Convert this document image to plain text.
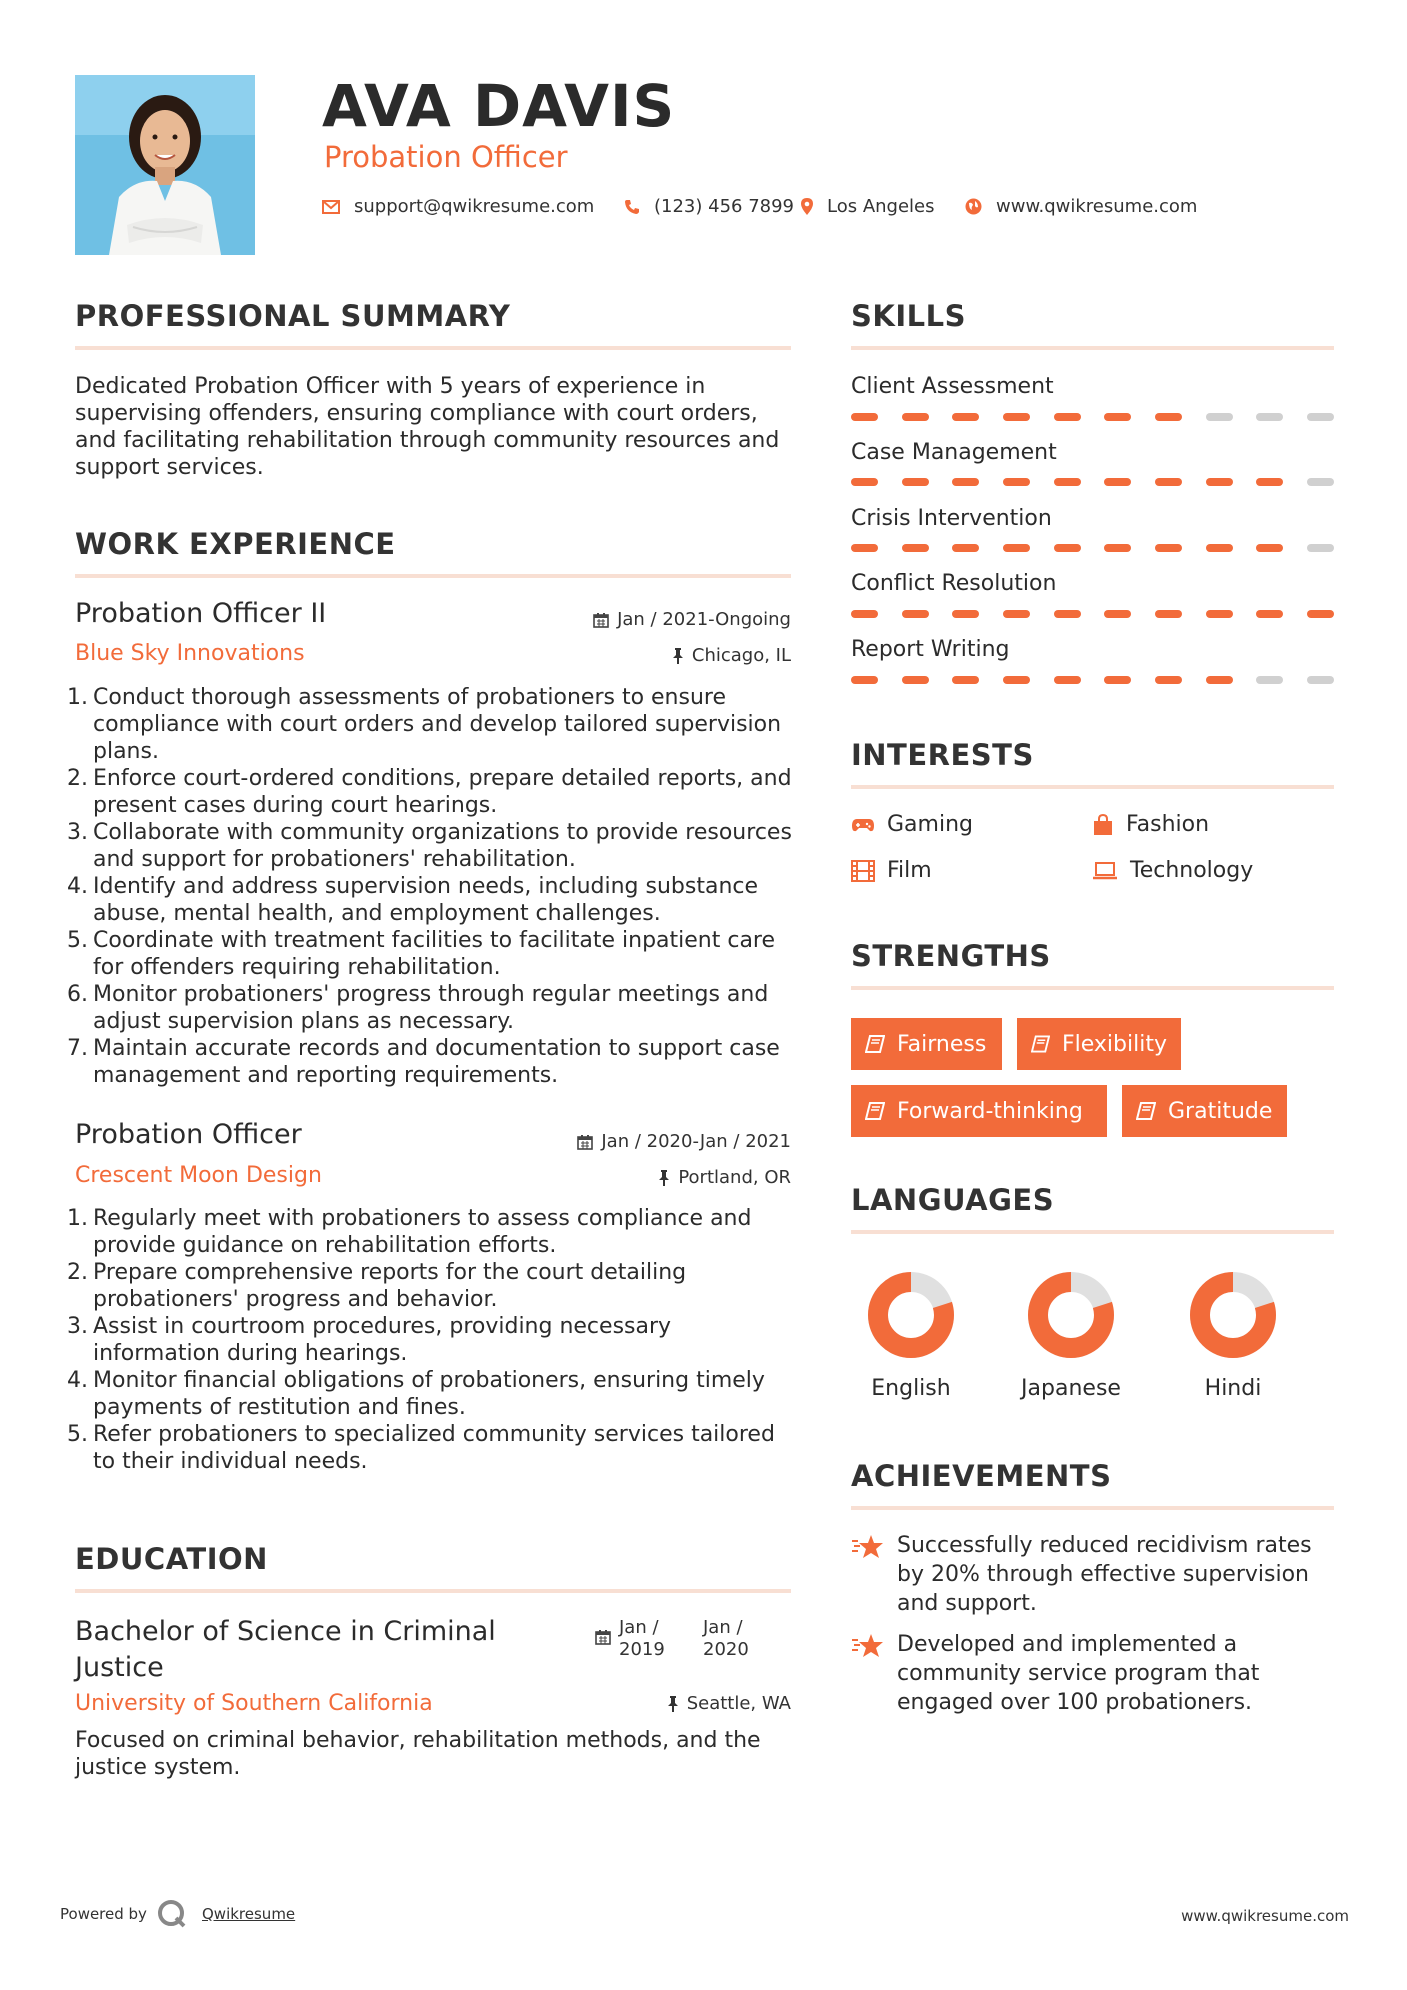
AVA DAVIS
Probation Officer
support@qwikresume.com	(123) 456 7899 Los Angeles	www.qwikresume.com
PROFESSIONAL SUMMARY
Dedicated Probation Officer with 5 years of experience in supervising offenders, ensuring compliance with court orders, and facilitating rehabilitation through community resources and support services.
WORK EXPERIENCE
Probation Officer II
Blue Sky Innovations
Jan / 2021-Ongoing
Chicago, IL
1. Conduct thorough assessments of probationers to ensure compliance with court orders and develop tailored supervision plans.
2. Enforce court-ordered conditions, prepare detailed reports, and present cases during court hearings.
3. Collaborate with community organizations to provide resources and support for probationers' rehabilitation.
4. Identify and address supervision needs, including substance abuse, mental health, and employment challenges.
5. Coordinate with treatment facilities to facilitate inpatient care for offenders requiring rehabilitation.
6. Monitor probationers' progress through regular meetings and adjust supervision plans as necessary.
7. Maintain accurate records and documentation to support case management and reporting requirements.
Probation Officer
Crescent Moon Design
Jan / 2020-Jan / 2021
Portland, OR
1. Regularly meet with probationers to assess compliance and provide guidance on rehabilitation efforts.
2. Prepare comprehensive reports for the court detailing probationers' progress and behavior.
3. Assist in courtroom procedures, providing necessary information during hearings.
4. Monitor financial obligations of probationers, ensuring timely payments of restitution and fines.
5. Refer probationers to specialized community services tailored to their individual needs.
EDUCATION
Bachelor of Science in Criminal Justice
University of Southern California
Jan / 2019
Jan / 2020
Seattle, WA
Focused on criminal behavior, rehabilitation methods, and the justice system.
SKILLS
Client Assessment
Case Management
Crisis Intervention
Conflict Resolution
Report Writing
INTERESTS
Gaming	Fashion
Film	Technology
STRENGTHS
Fairness	Flexibility
Forward-thinking	Gratitude
LANGUAGES
English	Japanese	Hindi
ACHIEVEMENTS
Successfully reduced recidivism rates by 20% through effective supervision and support.
Developed and implemented a community service program that engaged over 100 probationers.
Powered by	Qwikresume	www.qwikresume.com
